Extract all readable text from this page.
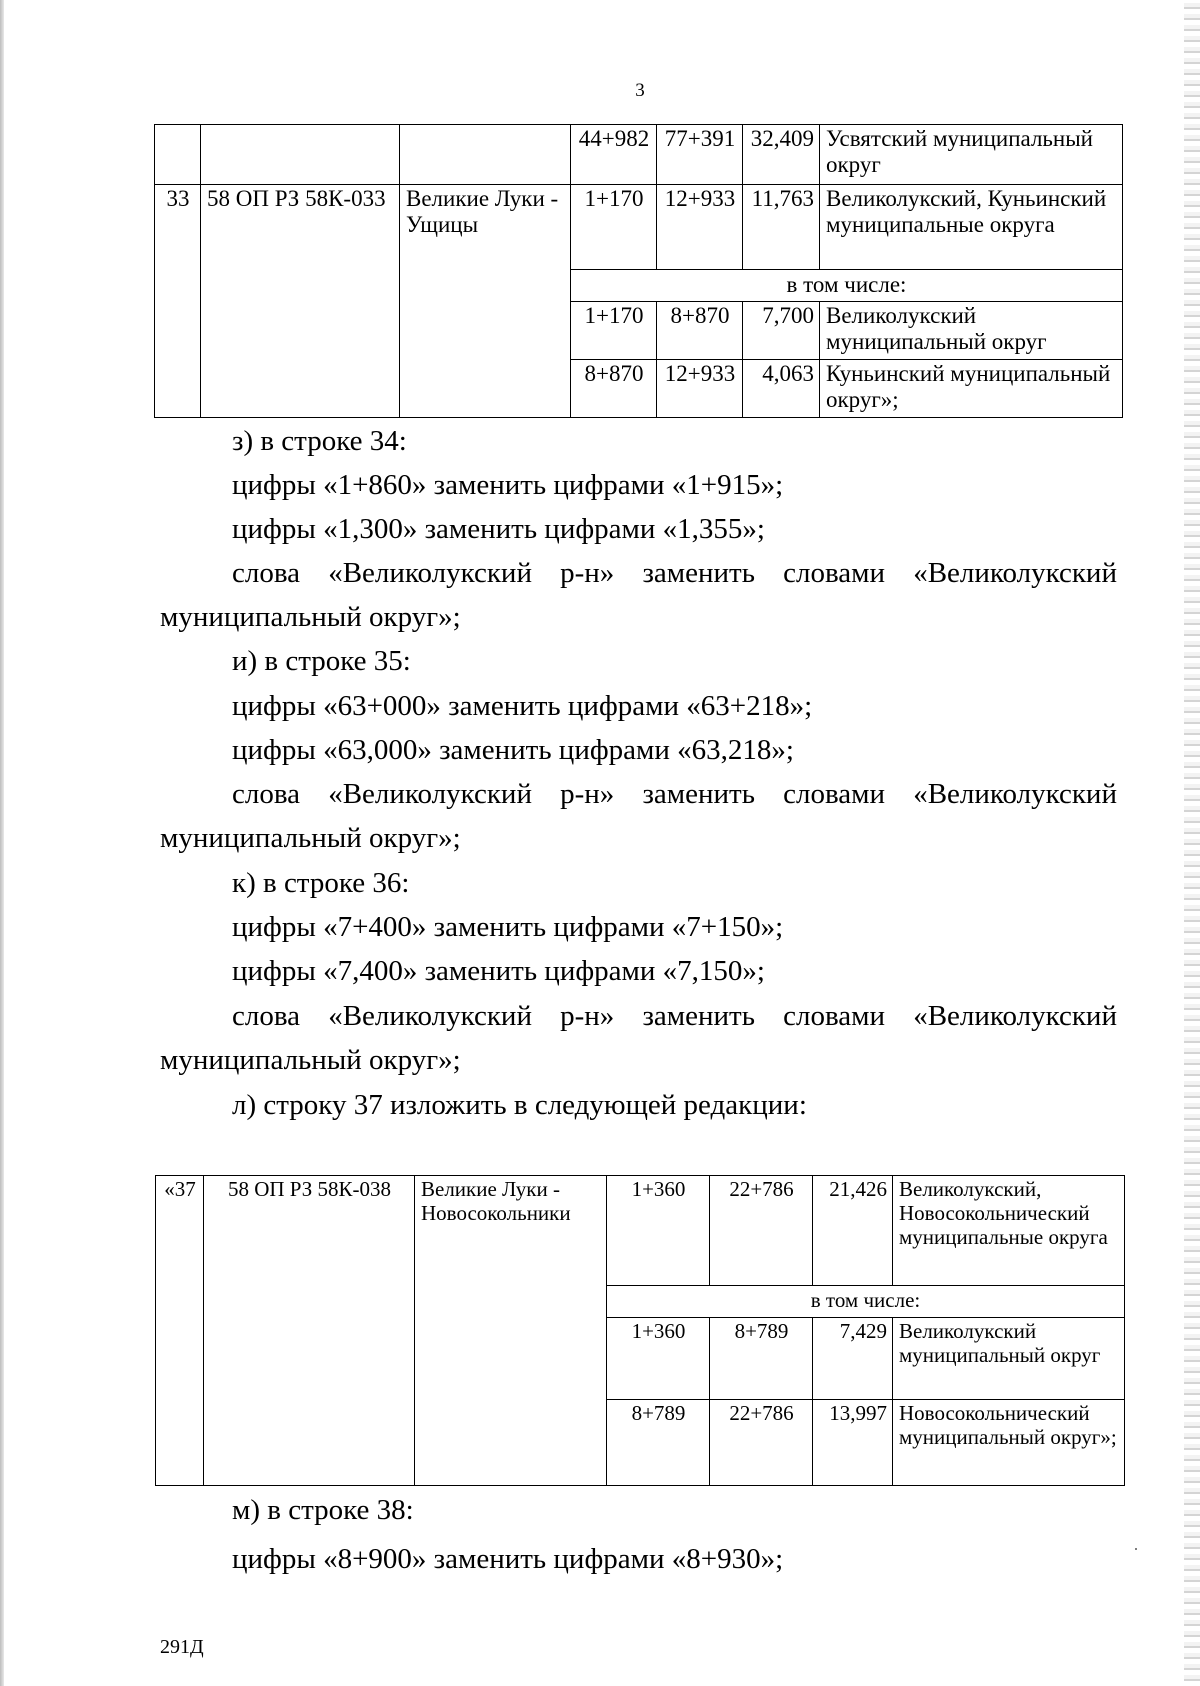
3
			44+982	77+391	32,409	Усвятский муниципальный округ
33	58 ОП РЗ 58К-033	Великие Луки - Ущицы	1+170	12+933	11,763	Великолукский, Куньинский муниципальные округа
			в том числе:			
			1+170	8+870	7,700	Великолукский муниципальный округ
			8+870	12+933	4,063	Куньинский муниципальный округ»;
з) в строке 34:
цифры «1+860» заменить цифрами «1+915»;
цифры «1,300» заменить цифрами «1,355»;
слова «Великолукский р-н» заменить словами «Великолукский
муниципальный округ»;
и) в строке 35:
цифры «63+000» заменить цифрами «63+218»;
цифры «63,000» заменить цифрами «63,218»;
слова «Великолукский р-н» заменить словами «Великолукский
муниципальный округ»;
к) в строке 36:
цифры «7+400» заменить цифрами «7+150»;
цифры «7,400» заменить цифрами «7,150»;
слова «Великолукский р-н» заменить словами «Великолукский
муниципальный округ»;
л) строку 37 изложить в следующей редакции:
«37	58 ОП РЗ 58К-038	Великие Луки - Новосокольники	1+360	22+786	21,426	Великолукский, Новосокольнический муниципальные округа
			в том числе:			
			1+360	8+789	7,429	Великолукский муниципальный округ
			8+789	22+786	13,997	Новосокольнический муниципальный округ»;
м) в строке 38:
цифры «8+900» заменить цифрами «8+930»;
291Д
